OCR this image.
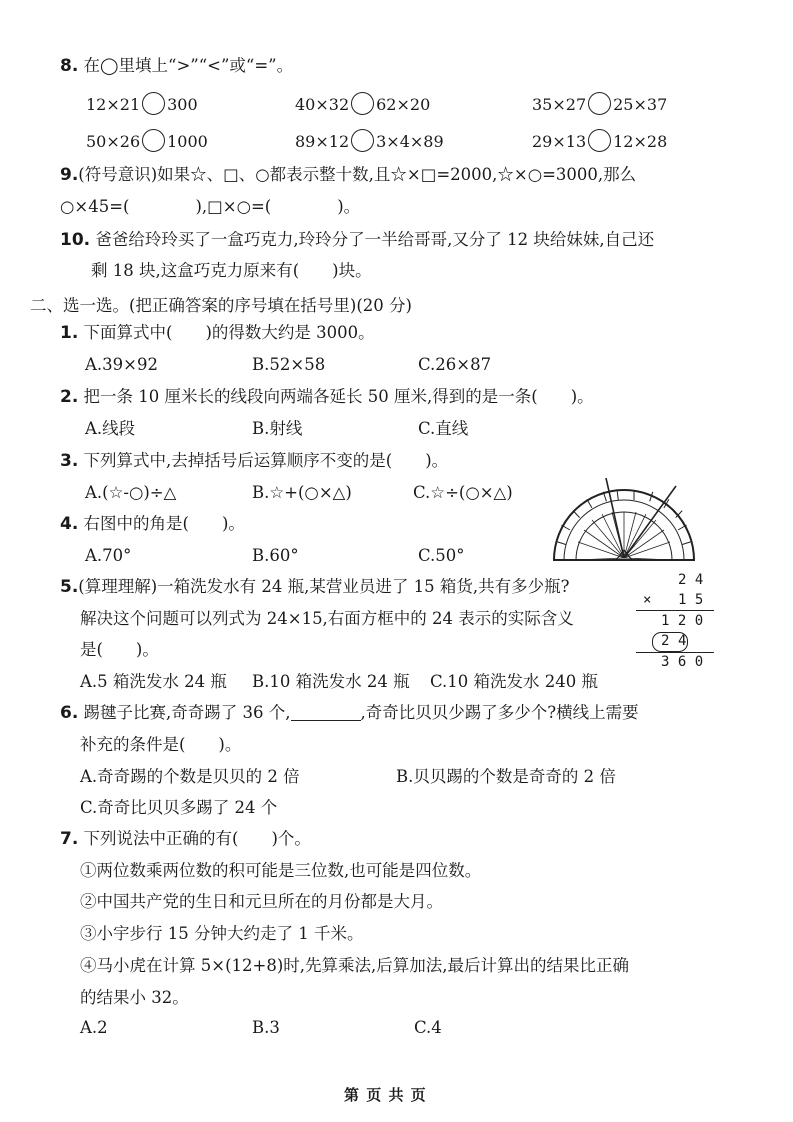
8. 在◯里填上“>”“<”或“=”。
12×21 300	40×32 62×20	35×27 25×37
50×26 1000	89×12 3×4×89	29×13 12×28
9.(符号意识)如果☆、□、○都表示整十数,且☆×□=2000,☆×○=3000,那么
○×45=(　　　　),□×○=(　　　　)。
10. 爸爸给玲玲买了一盒巧克力,玲玲分了一半给哥哥,又分了 12 块给妹妹,自己还
剩 18 块,这盒巧克力原来有(　　)块。
二、选一选。(把正确答案的序号填在括号里)(20 分)
1. 下面算式中(　　)的得数大约是 3000。
A.39×92	B.52×58	C.26×87
2. 把一条 10 厘米长的线段向两端各延长 50 厘米,得到的是一条(　　)。
A.线段	B.射线	C.直线
3. 下列算式中,去掉括号后运算顺序不变的是(　　)。
A.(☆-○)÷△	B.☆+(○×△)	C.☆÷(○×△)
4. 右图中的角是(　　)。
A.70°	B.60°	C.50°
5.(算理理解)一箱洗发水有 24 瓶,某营业员进了 15 箱货,共有多少瓶?
解决这个问题可以列式为 24×15,右面方框中的 24 表示的实际含义
是(　　)。
A.5 箱洗发水 24 瓶 B.10 箱洗发水 24 瓶 C.10 箱洗发水 240 瓶
2 4
× 1 5
1 2 0
2 4
3 6 0
6. 踢毽子比赛,奇奇踢了 36 个,	,奇奇比贝贝少踢了多少个?横线上需要
补充的条件是(　　)。
A.奇奇踢的个数是贝贝的 2 倍	B.贝贝踢的个数是奇奇的 2 倍
C.奇奇比贝贝多踢了 24 个
7. 下列说法中正确的有(　　)个。
①两位数乘两位数的积可能是三位数,也可能是四位数。
②中国共产党的生日和元旦所在的月份都是大月。
③小宇步行 15 分钟大约走了 1 千米。
④马小虎在计算 5×(12+8)时,先算乘法,后算加法,最后计算出的结果比正确
的结果小 32。
A.2	B.3	C.4
第 页 共 页
